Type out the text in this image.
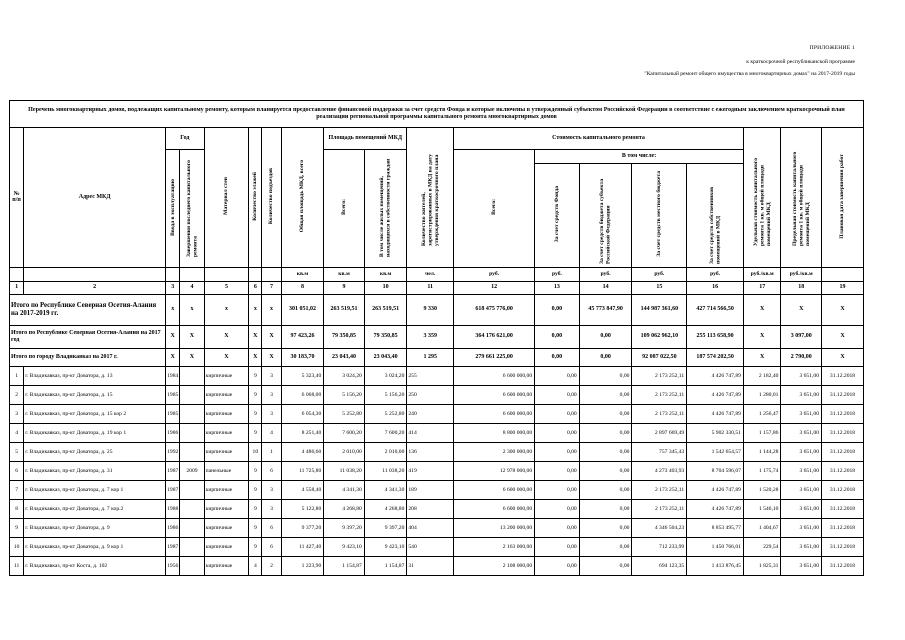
ПРИЛОЖЕНИЕ 1
к краткосрочной республиканской программе
"Капитальный ремонт общего имущества в многоквартирных домах" на 2017-2019 годы
Перечень многоквартирных домов, подлежащих капитальному ремонту, которым планируется предоставление финансовой поддержки за счет средств Фонда и которые включены в утвержденный субъектом Российской Федерации в соответствие с ежегодным заключением краткосрочный план реализации региональной программы капитального ремонта многоквартирных домов																		
№ п/п	Адрес МКД	Год		Материал стен	Количество этажей	Количество подъездов	Общая площадь МКД, всего	Площадь помещений МКД		Количество жителей, зарегистрированных в МКД на дату утверждения краткосрочного плана	Стоимость капитального ремонта					Удельная стоимость капитального ремонта 1 кв. м общей площади помещений МКД	Предельная стоимость капитального ремонта 1 кв. м общей площади помещений МКД	Плановая дата завершения работ
		Ввода в эксплуатацию	Завершения последнего капитального ремонта					Всего:	В том числе жилых помещений, находящихся в собственности граждан		Всего:	В том числе:						
												За счет средств Фонда	За счет средств бюджета субъекта Российской Федерации	За счет средств местного бюджета	За счет средств собственников помещений в МКД			
							кв.м	кв.м	кв.м	чел.	руб.	руб.	руб.	руб.	руб.	руб./кв.м	руб./кв.м	
1	2	3	4	5	6	7	8	9	10	11	12	13	14	15	16	17	18	19
Итого по Республике Северная Осетия-Алания на 2017-2019 гг.		x	x	x	x	x	301 051,02	263 519,51	263 519,51	9 330	618 475 776,00	0,00	45 773 847,90	144 987 361,60	427 714 566,50	X	X	X
Итого по Республике Северная Осетия-Алания на 2017 год		X	X	X	X	X	97 423,26	79 350,85	79 350,85	3 359	364 176 621,00	0,00	0,00	109 062 962,10	255 113 658,90	X	3 097,00	X
Итого по городу Владикавказ на 2017 г.		X	X	X	X	X	30 183,70	23 043,40	23 043,40	1 295	279 661 225,00	0,00	0,00	92 087 022,50	187 574 202,50	X	2 790,00	X
1	г. Владикавказ, пр-кт Доватора, д. 13	1984		кирпичные	9	3	5 323,40	3 024,20	3 024,20	255	6 600 000,00	0,00	0,00	2 173 252,11	4 426 747,89	2 182,40	3 651,00	31.12.2018
2	г. Владикавказ, пр-кт Доватора, д. 15	1985		кирпичные	9	3	6 068,00	5 156,20	5 156,20	250	6 600 000,00	0,00	0,00	2 173 252,11	4 426 747,89	1 280,01	3 651,00	31.12.2018
3	г. Владикавказ, пр-кт Доватора, д. 15 кор 2	1985		кирпичные	9	3	6 054,30	5 252,80	5 252,80	240	6 600 000,00	0,00	0,00	2 173 252,11	4 426 747,89	1 256,47	3 651,00	31.12.2018
4	г. Владикавказ, пр-кт Доватора, д. 19 кор 1	1986		кирпичные	9	4	8 251,40	7 600,20	7 600,20	414	8 800 000,00	0,00	0,00	2 897 669,49	5 902 330,51	1 157,86	3 651,00	31.12.2018
5	г. Владикавказ, пр-кт Доватора, д. 25	1992		кирпичные	10	1	4 486,60	2 010,00	2 010,00	136	2 300 000,00	0,00	0,00	757 345,43	1 542 654,57	1 144,28	3 651,00	31.12.2018
6	г. Владикавказ, пр-кт Доватора, д. 31	1987	2009	панельные	9	6	11 725,80	11 038,20	11 038,20	419	12 978 000,00	0,00	0,00	4 273 403,93	8 704 596,07	1 175,74	3 651,00	31.12.2018
7	г. Владикавказ, пр-кт Доватора, д. 7 кор 1	1987		кирпичные	9	3	4 558,40	4 341,30	4 341,30	189	6 600 000,00	0,00	0,00	2 173 252,11	4 426 747,89	1 520,28	3 651,00	31.12.2018
8	г. Владикавказ, пр-кт Доватора, д. 7 кор.2	1988		кирпичные	9	3	5 122,80	4 268,80	4 268,80	208	6 600 000,00	0,00	0,00	2 173 252,11	4 426 747,89	1 546,10	3 651,00	31.12.2018
9	г. Владикавказ, пр-кт Доватора, д. 9	1986		кирпичные	9	6	9 377,20	9 397,20	9 397,20	404	13 200 000,00	0,00	0,00	4 346 504,23	8 853 495,77	1 404,67	3 651,00	31.12.2018
10	г. Владикавказ, пр-кт Доватора, д. 9 кор 1	1987		кирпичные	9	6	11 427,40	9 423,10	9 423,10	540	2 163 000,00	0,00	0,00	712 233,99	1 450 766,01	229,54	3 651,00	31.12.2018
11	г. Владикавказ, пр-кт Коста, д. 102	1956		кирпичные	4	2	1 223,90	1 154,87	1 154,87	31	2 108 000,00	0,00	0,00	694 123,35	1 413 876,45	1 825,31	3 651,00	31.12.2018
